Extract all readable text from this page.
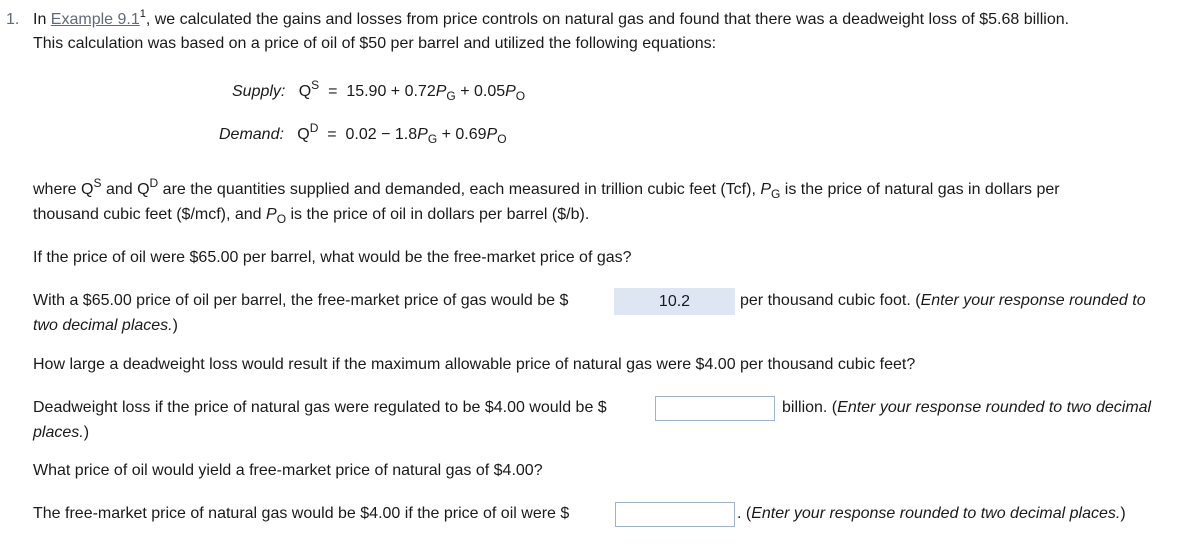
1. In Example $9.1^1$, we calculated the gains and losses from price controls on natural gas and found that there was a deadweight loss of $5.68 billion.
This calculation was based on a price of oil of $50 per barrel and utilized the following equations:
Supply: $Q^S = 15.90 + 0.72P_G + 0.05P_O$
Demand: $Q^D = 0.02 - 1.8P_G + 0.69P_O$
where $Q^S$ and $Q^D$ are the quantities supplied and demanded, each measured in trillion cubic feet (Tcf), $P_G$ is the price of natural gas in dollars per
thousand cubic feet ($/mcf), and $P_O$ is the price of oil in dollars per barrel ($/b).
If the price of oil were $65.00 per barrel, what would be the free-market price of gas?
With a $65.00 price of oil per barrel, the free-market price of gas would be $	10.2	per thousand cubic foot. (Enter your response rounded to
two decimal places.)
How large a deadweight loss would result if the maximum allowable price of natural gas were $4.00 per thousand cubic feet?
Deadweight loss if the price of natural gas were regulated to be $4.00 would be $	billion. (Enter your response rounded to two decimal
places.)
What price of oil would yield a free-market price of natural gas of $4.00?
The free-market price of natural gas would be $4.00 if the price of oil were $	. (Enter your response rounded to two decimal places.)
